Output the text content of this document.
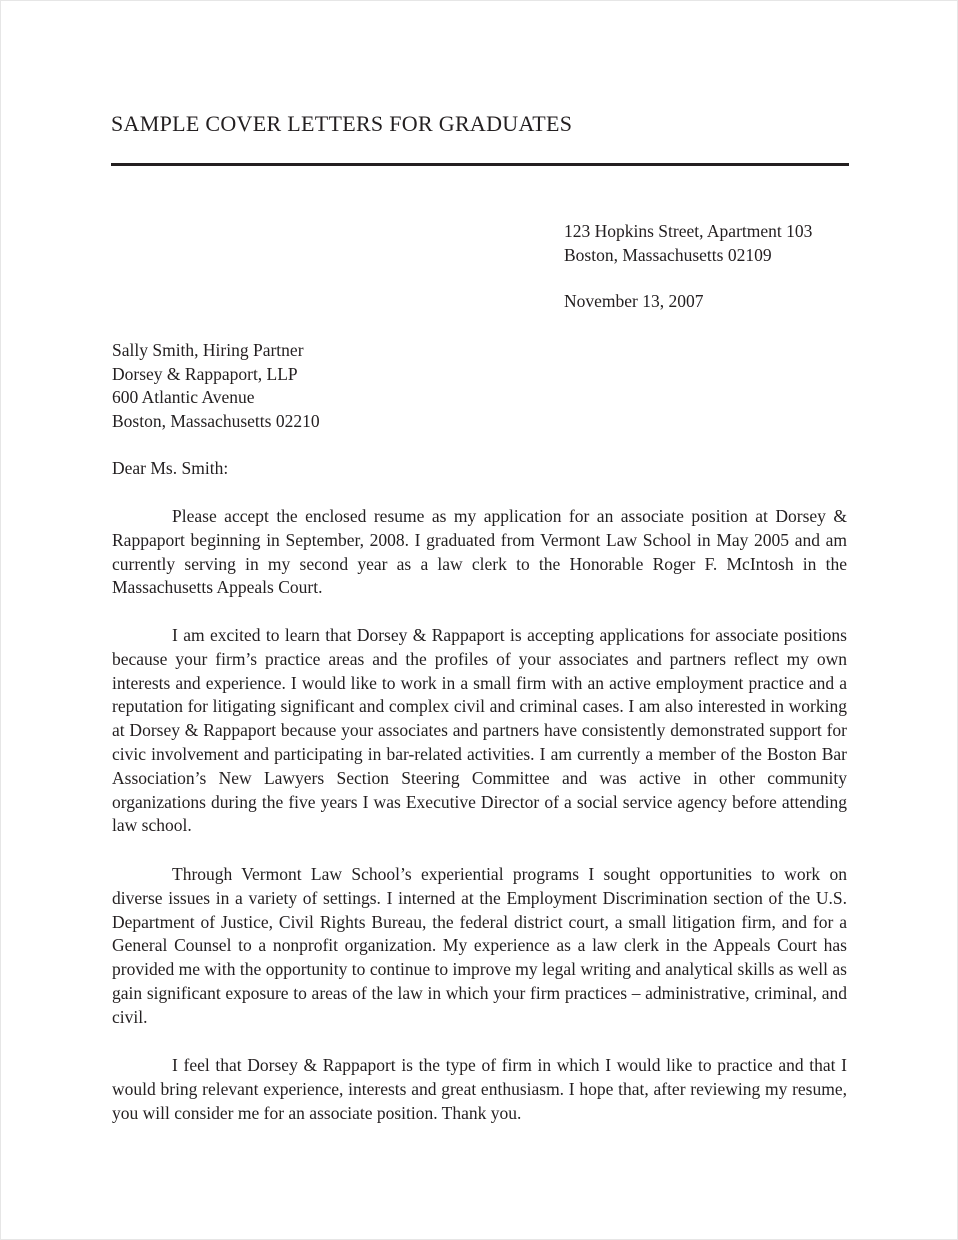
SAMPLE COVER LETTERS FOR GRADUATES
123 Hopkins Street, Apartment 103
Boston, Massachusetts 02109
November 13, 2007
Sally Smith, Hiring Partner
Dorsey & Rappaport, LLP
600 Atlantic Avenue
Boston, Massachusetts 02210
Dear Ms. Smith:

Please accept the enclosed resume as my application for an associate position at Dorsey & Rappaport beginning in September, 2008. I graduated from Vermont Law School in May 2005 and am currently serving in my second year as a law clerk to the Honorable Roger F. McIntosh in the Massachusetts Appeals Court.

I am excited to learn that Dorsey & Rappaport is accepting applications for associate positions because your firm’s practice areas and the profiles of your associates and partners reflect my own interests and experience. I would like to work in a small firm with an active employment practice and a reputation for litigating significant and complex civil and criminal cases. I am also interested in working at Dorsey & Rappaport because your associates and partners have consistently demonstrated support for civic involvement and participating in bar-related activities. I am currently a member of the Boston Bar Association’s New Lawyers Section Steering Committee and was active in other community organizations during the five years I was Executive Director of a social service agency before attending law school.

Through Vermont Law School’s experiential programs I sought opportunities to work on diverse issues in a variety of settings. I interned at the Employment Discrimination section of the U.S. Department of Justice, Civil Rights Bureau, the federal district court, a small litigation firm, and for a General Counsel to a nonprofit organization. My experience as a law clerk in the Appeals Court has provided me with the opportunity to continue to improve my legal writing and analytical skills as well as gain significant exposure to areas of the law in which your firm practices – administrative, criminal, and civil.

I feel that Dorsey & Rappaport is the type of firm in which I would like to practice and that I would bring relevant experience, interests and great enthusiasm. I hope that, after reviewing my resume, you will consider me for an associate position. Thank you.
